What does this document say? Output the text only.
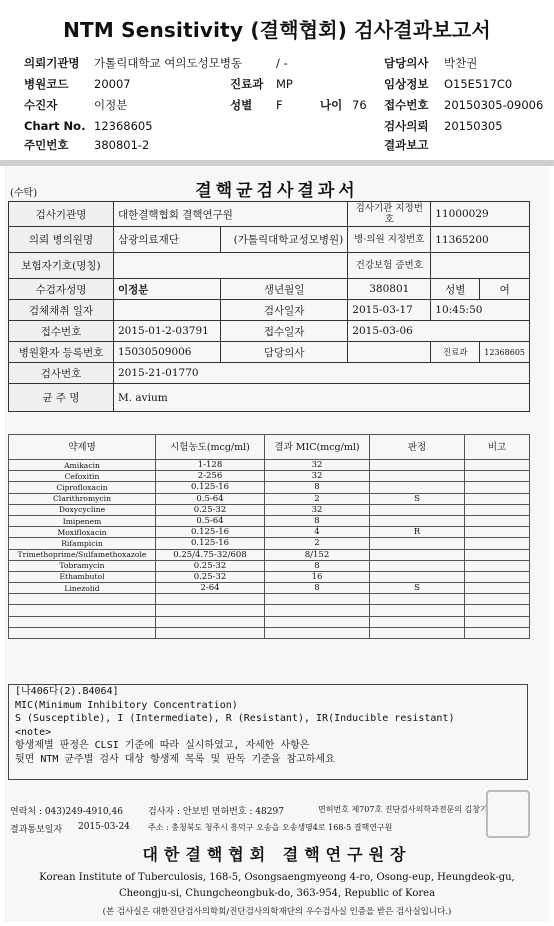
NTM Sensitivity (결핵협회) 검사결과보고서
의뢰기관명 가톨릭대학교 여의도성모병동	/ -	담당의사 박찬권
병원코드 20007	진료과 MP	임상정보 O15E517C0
수진자	이정분	성별 F	나이 76 접수번호 20150305-09006
Chart No. 12368605	검사의뢰 20150305
주민번호 380801-2	결과보고
(수탁)	결핵균검사결과서
검사기관명	대한결핵협회 결핵연구원		검사기관 지정번호	11000029	
의뢰 병의원명	삼광의료재단	(가톨릭대학교성모병원)	병·의원 지정번호	11365200	
보험자기호(명칭)			건강보험 증번호		
수검자성명	이정분	생년월일	380801	성별	여
검체채취 일자		검사일자	2015-03-17	10:45:50	
접수번호	2015-01-2-03791	접수일자	2015-03-06		
병원환자 등록번호	15030509006	담당의사		진료과	12368605
검사번호	2015-21-01770				
균 주 명	M. avium				
약제명	시험농도(mcg/ml)	결과 MIC(mcg/ml)	판정	비고
Amikacin	1-128	32		
Cefoxitin	2-256	32		
Ciprofloxacin	0.125-16	8		
Clarithromycin	0.5-64	2	S	
Doxycycline	0.25-32	32		
Imipenem	0.5-64	8		
Moxifloxacin	0.125-16	4	R	
Rifampicin	0.125-16	2		
Trimethoprime/Sulfamethoxazole	0.25/4.75-32/608	8/152		
Tobramycin	0.25-32	8		
Ethambutol	0.25-32	16		
Linezolid	2-64	8	S	

[나406다(2).B4064]
MIC(Minimum Inhibitory Concentration)
S (Susceptible), I (Intermediate), R (Resistant), IR(Inducible resistant)
<note>
항생제별 판정은 CLSI 기준에 따라 실시하였고, 자세한 사항은
뒷면 NTM 균주별 검사 대상 항생제 목록 및 판독 기준을 참고하세요
연락처 : 043)249-4910,46	검사자 : 안보빈 면허번호 : 48297	면허번호 제707호 진단검사의학과전문의 김창기
결과통보일자 2015-03-24 주소 : 충청북도 청주시 흥덕구 오송읍 오송생명4로 168-5 결핵연구원
대한결핵협회 결핵연구원장
Korean Institute of Tuberculosis, 168-5, Osongsaengmyeong 4-ro, Osong-eup, Heungdeok-gu,
Cheongju-si, Chungcheongbuk-do, 363-954, Republic of Korea
(본 검사실은 대한진단검사의학회/진단검사의학재단의 우수검사실 인증을 받은 검사실입니다.)
